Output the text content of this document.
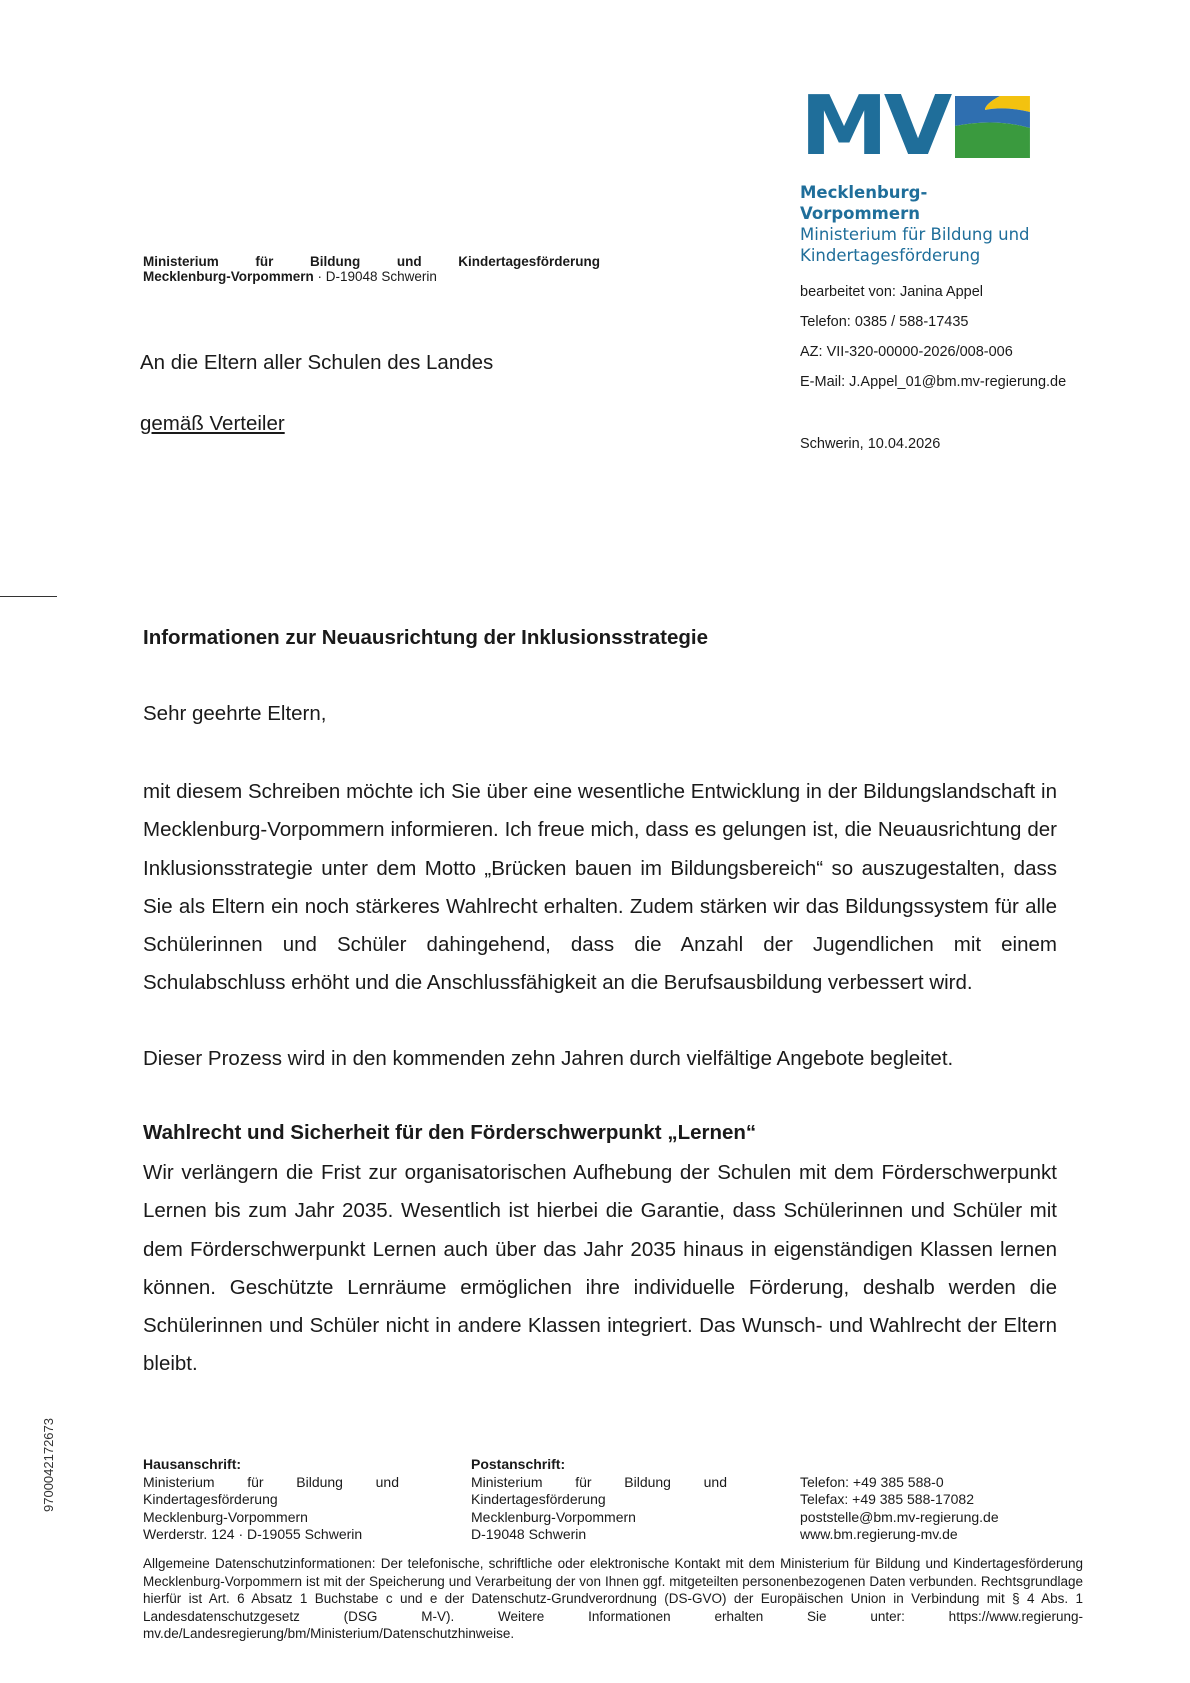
MV
Mecklenburg-Vorpommern
Ministerium für Bildung und
Kindertagesförderung
Ministerium für Bildung und Kindertagesförderung
Mecklenburg-Vorpommern · D-19048 Schwerin
An die Eltern aller Schulen des Landes
gemäß Verteiler
bearbeitet von: Janina Appel
Telefon: 0385 / 588-17435
AZ: VII-320-00000-2026/008-006
E-Mail: J.Appel_01@bm.mv-regierung.de
Schwerin, 10.04.2026
Informationen zur Neuausrichtung der Inklusionsstrategie
Sehr geehrte Eltern,

mit diesem Schreiben möchte ich Sie über eine wesentliche Entwicklung in der Bildungslandschaft in Mecklenburg-Vorpommern informieren. Ich freue mich, dass es gelungen ist, die Neuausrichtung der Inklusionsstrategie unter dem Motto „Brücken bauen im Bildungsbereich“ so auszugestalten, dass Sie als Eltern ein noch stärkeres Wahlrecht erhalten. Zudem stärken wir das Bildungssystem für alle Schülerinnen und Schüler dahingehend, dass die Anzahl der Jugendlichen mit einem Schulabschluss erhöht und die Anschlussfähigkeit an die Berufsausbildung verbessert wird.

Dieser Prozess wird in den kommenden zehn Jahren durch vielfältige Angebote begleitet.

Wahlrecht und Sicherheit für den Förderschwerpunkt „Lernen“

Wir verlängern die Frist zur organisatorischen Aufhebung der Schulen mit dem Förderschwerpunkt Lernen bis zum Jahr 2035. Wesentlich ist hierbei die Garantie, dass Schülerinnen und Schüler mit dem Förderschwerpunkt Lernen auch über das Jahr 2035 hinaus in eigenständigen Klassen lernen können. Geschützte Lernräume ermöglichen ihre individuelle Förderung, deshalb werden die Schülerinnen und Schüler nicht in andere Klassen integriert. Das Wunsch- und Wahlrecht der Eltern bleibt.

9700042172673	Hausanschrift:
Ministerium für Bildung und
Kindertagesförderung
Mecklenburg-Vorpommern
Werderstr. 124 · D-19055 Schwerin
Postanschrift:
Ministerium für Bildung und
Kindertagesförderung
Mecklenburg-Vorpommern
D-19048 Schwerin

Telefon: +49 385 588-0
Telefax: +49 385 588-17082
poststelle@bm.mv-regierung.de
www.bm.regierung-mv.de

Allgemeine Datenschutzinformationen: Der telefonische, schriftliche oder elektronische Kontakt mit dem Ministerium für Bildung und Kindertagesförderung Mecklenburg-Vorpommern ist mit der Speicherung und Verarbeitung der von Ihnen ggf. mitgeteilten personenbezogenen Daten verbunden. Rechtsgrundlage hierfür ist Art. 6 Absatz 1 Buchstabe c und e der Datenschutz-Grundverordnung (DS-GVO) der Europäischen Union in Verbindung mit § 4 Abs. 1 Landesdatenschutzgesetz (DSG M-V). Weitere Informationen erhalten Sie unter: https://www.regierung-mv.de/Landesregierung/bm/Ministerium/Datenschutzhinweise.
